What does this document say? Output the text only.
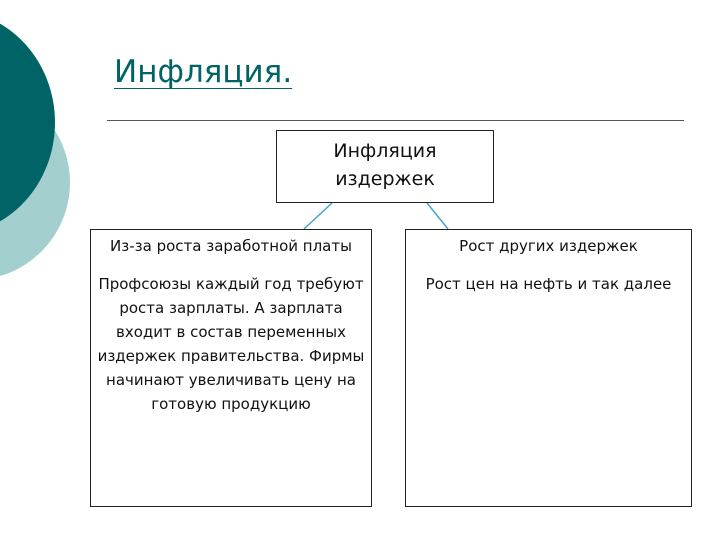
Инфляция.
Инфляция
издержек
Из-за роста заработной платы
Профсоюзы каждый год требуют роста зарплаты. А зарплата входит в состав переменных издержек правительства. Фирмы начинают увеличивать цену на готовую продукцию
Рост других издержек
Рост цен на нефть и так далее
